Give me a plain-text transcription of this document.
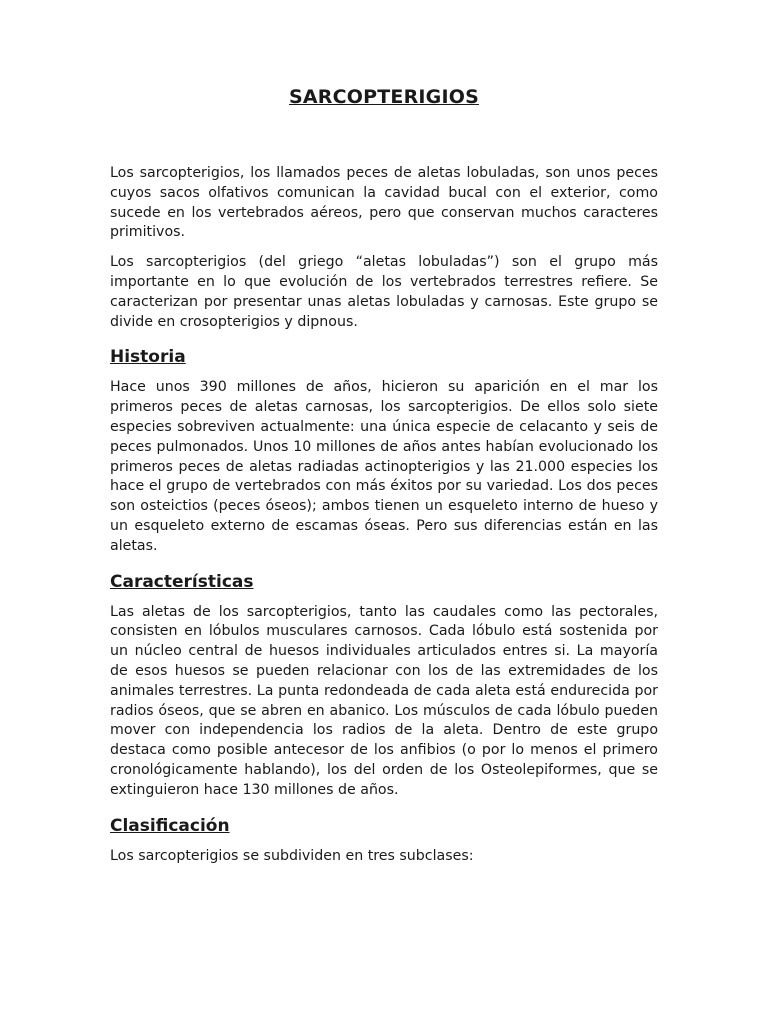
SARCOPTERIGIOS

Los sarcopterigios, los llamados peces de aletas lobuladas, son unos peces cuyos sacos olfativos comunican la cavidad bucal con el exterior, como sucede en los vertebrados aéreos, pero que conservan muchos caracteres primitivos.

Los sarcopterigios (del griego “aletas lobuladas”) son el grupo más importante en lo que evolución de los vertebrados terrestres refiere. Se caracterizan por presentar unas aletas lobuladas y carnosas. Este grupo se divide en crosopterigios y dipnous.

Historia

Hace unos 390 millones de años, hicieron su aparición en el mar los primeros peces de aletas carnosas, los sarcopterigios. De ellos solo siete especies sobreviven actualmente: una única especie de celacanto y seis de peces pulmonados. Unos 10 millones de años antes habían evolucionado los primeros peces de aletas radiadas actinopterigios y las 21.000 especies los hace el grupo de vertebrados con más éxitos por su variedad. Los dos peces son osteictios (peces óseos); ambos tienen un esqueleto interno de hueso y un esqueleto externo de escamas óseas. Pero sus diferencias están en las aletas.

Características

Las aletas de los sarcopterigios, tanto las caudales como las pectorales, consisten en lóbulos musculares carnosos. Cada lóbulo está sostenida por un núcleo central de huesos individuales articulados entres si. La mayoría de esos huesos se pueden relacionar con los de las extremidades de los animales terrestres. La punta redondeada de cada aleta está endurecida por radios óseos, que se abren en abanico. Los músculos de cada lóbulo pueden mover con independencia los radios de la aleta. Dentro de este grupo destaca como posible antecesor de los anfibios (o por lo menos el primero cronológicamente hablando), los del orden de los Osteolepiformes, que se extinguieron hace 130 millones de años.

Clasificación

Los sarcopterigios se subdividen en tres subclases:
